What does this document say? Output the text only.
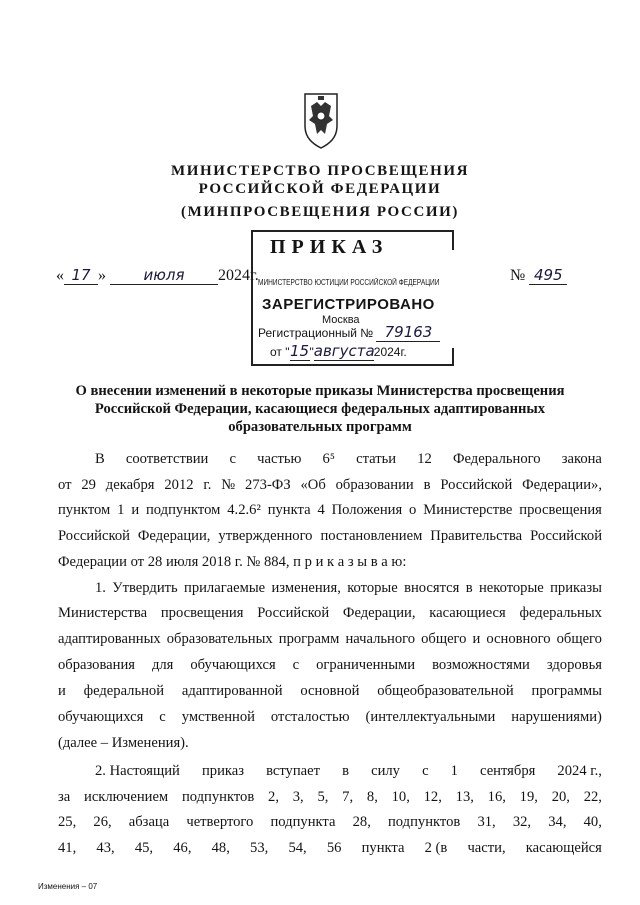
МИНИСТЕРСТВО ПРОСВЕЩЕНИЯ
РОССИЙСКОЙ ФЕДЕРАЦИИ
(МИНПРОСВЕЩЕНИЯ РОССИИ)
« 17 »	июля 2024г.	№ 495
ПРИКАЗ
МИНИСТЕРСТВО ЮСТИЦИИ РОССИЙСКОЙ ФЕДЕРАЦИИ
ЗАРЕГИСТРИРОВАНО
Москва
Регистрационный № 79163
от "15"августа2024г.
О внесении изменений в некоторые приказы Министерства просвещения
Российской Федерации, касающиеся федеральных адаптированных
образовательных программ
В соответствии с частью 6⁵ статьи 12 Федерального закона
от 29 декабря 2012 г. № 273-ФЗ «Об образовании в Российской Федерации»,
пунктом 1 и подпунктом 4.2.6² пункта 4 Положения о Министерстве просвещения
Российской Федерации, утвержденного постановлением Правительства Российской
Федерации от 28 июля 2018 г. № 884, п р и к а з ы в а ю:
1. Утвердить прилагаемые изменения, которые вносятся в некоторые приказы
Министерства просвещения Российской Федерации, касающиеся федеральных
адаптированных образовательных программ начального общего и основного общего
образования для обучающихся с ограниченными возможностями здоровья
и федеральной адаптированной основной общеобразовательной программы
обучающихся с умственной отсталостью (интеллектуальными нарушениями)
(далее – Изменения).
2. Настоящий приказ вступает в силу с 1 сентября 2024 г.,
за исключением подпунктов 2, 3, 5, 7, 8, 10, 12, 13, 16, 19, 20, 22,
25, 26, абзаца четвертого подпункта 28, подпунктов 31, 32, 34, 40,
41, 43, 45, 46, 48, 53, 54, 56 пункта 2 (в части, касающейся
Изменения – 07
